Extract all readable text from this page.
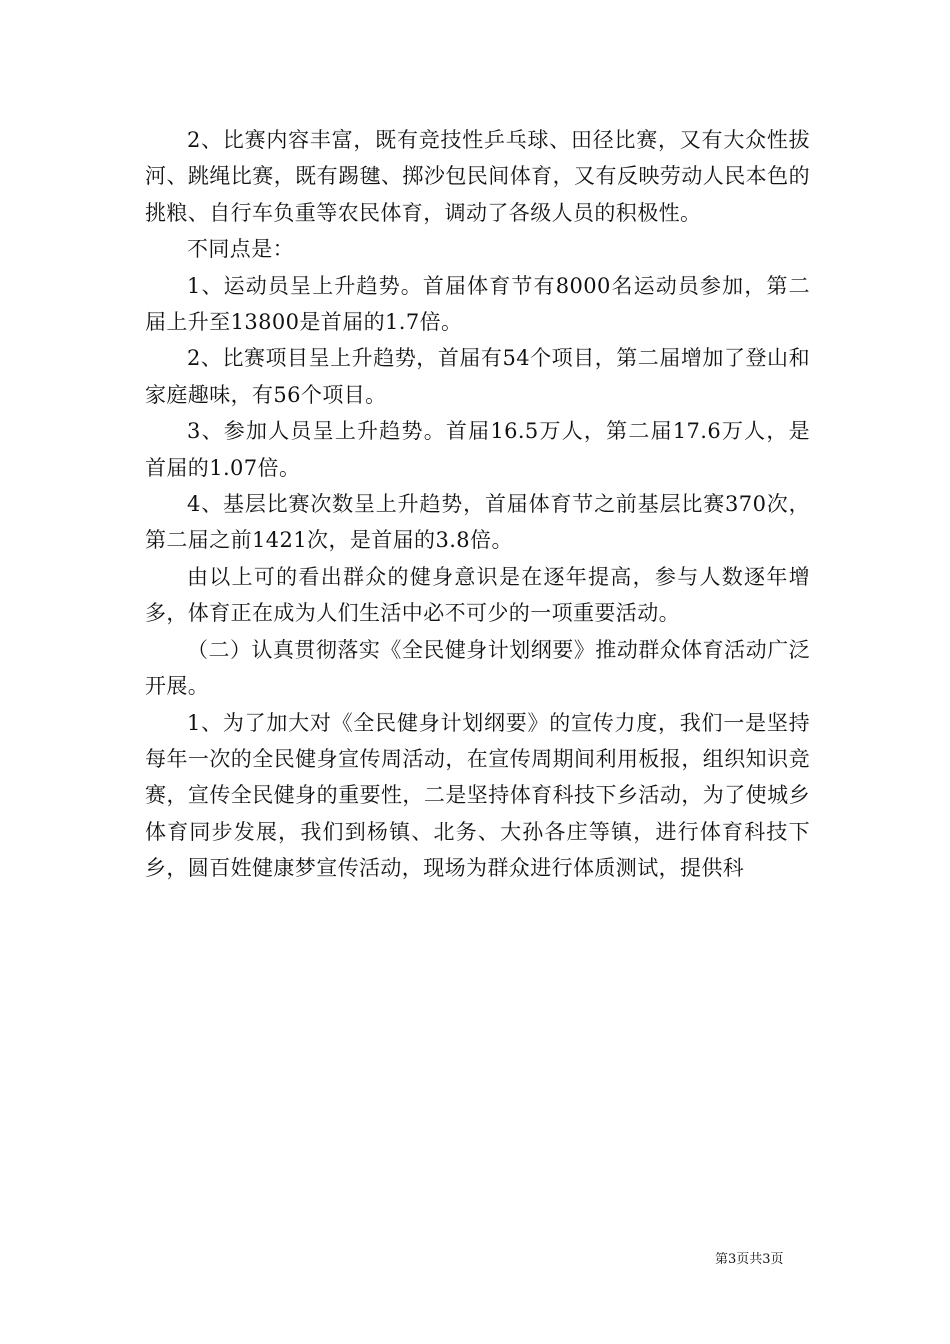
2、比赛内容丰富，既有竞技性乒乓球、田径比赛，又有大众性拔河、跳绳比赛，既有踢毽、掷沙包民间体育，又有反映劳动人民本色的挑粮、自行车负重等农民体育，调动了各级人员的积极性。

不同点是：

1、运动员呈上升趋势。首届体育节有8000名运动员参加，第二届上升至13800是首届的1.7倍。

2、比赛项目呈上升趋势，首届有54个项目，第二届增加了登山和家庭趣味，有56个项目。

3、参加人员呈上升趋势。首届16.5万人，第二届17.6万人，是首届的1.07倍。

4、基层比赛次数呈上升趋势，首届体育节之前基层比赛370次，第二届之前1421次，是首届的3.8倍。

由以上可的看出群众的健身意识是在逐年提高，参与人数逐年增多，体育正在成为人们生活中必不可少的一项重要活动。

（二）认真贯彻落实《全民健身计划纲要》推动群众体育活动广泛开展。

1、为了加大对《全民健身计划纲要》的宣传力度，我们一是坚持每年一次的全民健身宣传周活动，在宣传周期间利用板报，组织知识竞赛，宣传全民健身的重要性，二是坚持体育科技下乡活动，为了使城乡体育同步发展，我们到杨镇、北务、大孙各庄等镇，进行体育科技下乡，圆百姓健康梦宣传活动，现场为群众进行体质测试，提供科

第3页共3页
